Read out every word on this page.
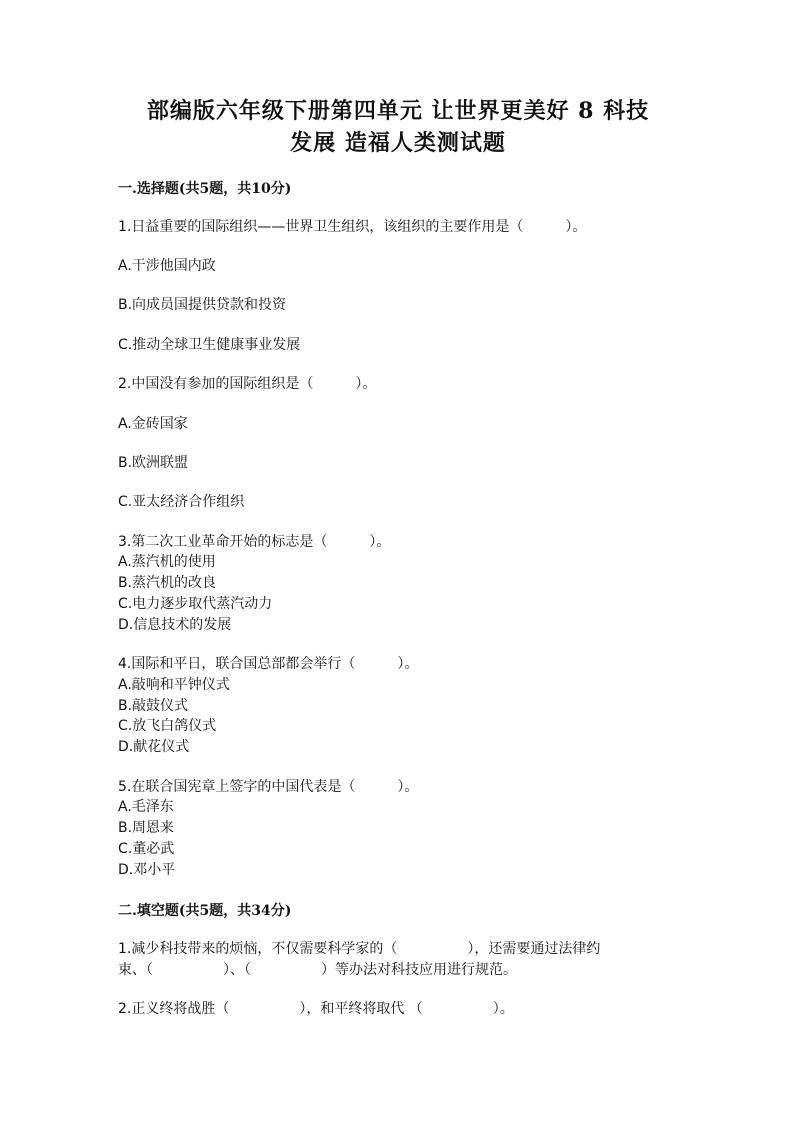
部编版六年级下册第四单元 让世界更美好 8 科技
发展 造福人类测试题
一.选择题(共5题，共10分)
1.日益重要的国际组织——世界卫生组织，该组织的主要作用是（　　　）。
A.干涉他国内政
B.向成员国提供贷款和投资
C.推动全球卫生健康事业发展
2.中国没有参加的国际组织是（　　　）。
A.金砖国家
B.欧洲联盟
C.亚太经济合作组织
3.第二次工业革命开始的标志是（　　　）。
A.蒸汽机的使用
B.蒸汽机的改良
C.电力逐步取代蒸汽动力
D.信息技术的发展
4.国际和平日，联合国总部都会举行（　　　）。
A.敲响和平钟仪式
B.敲鼓仪式
C.放飞白鸽仪式
D.献花仪式
5.在联合国宪章上签字的中国代表是（　　　）。
A.毛泽东
B.周恩来
C.董必武
D.邓小平
二.填空题(共5题，共34分)
1.减少科技带来的烦恼，不仅需要科学家的（　　　　　），还需要通过法律约
束、（　　　　　）、（　　　　　）等办法对科技应用进行规范。
2.正义终将战胜（　　　　　），和平终将取代 （　　　　　）。
